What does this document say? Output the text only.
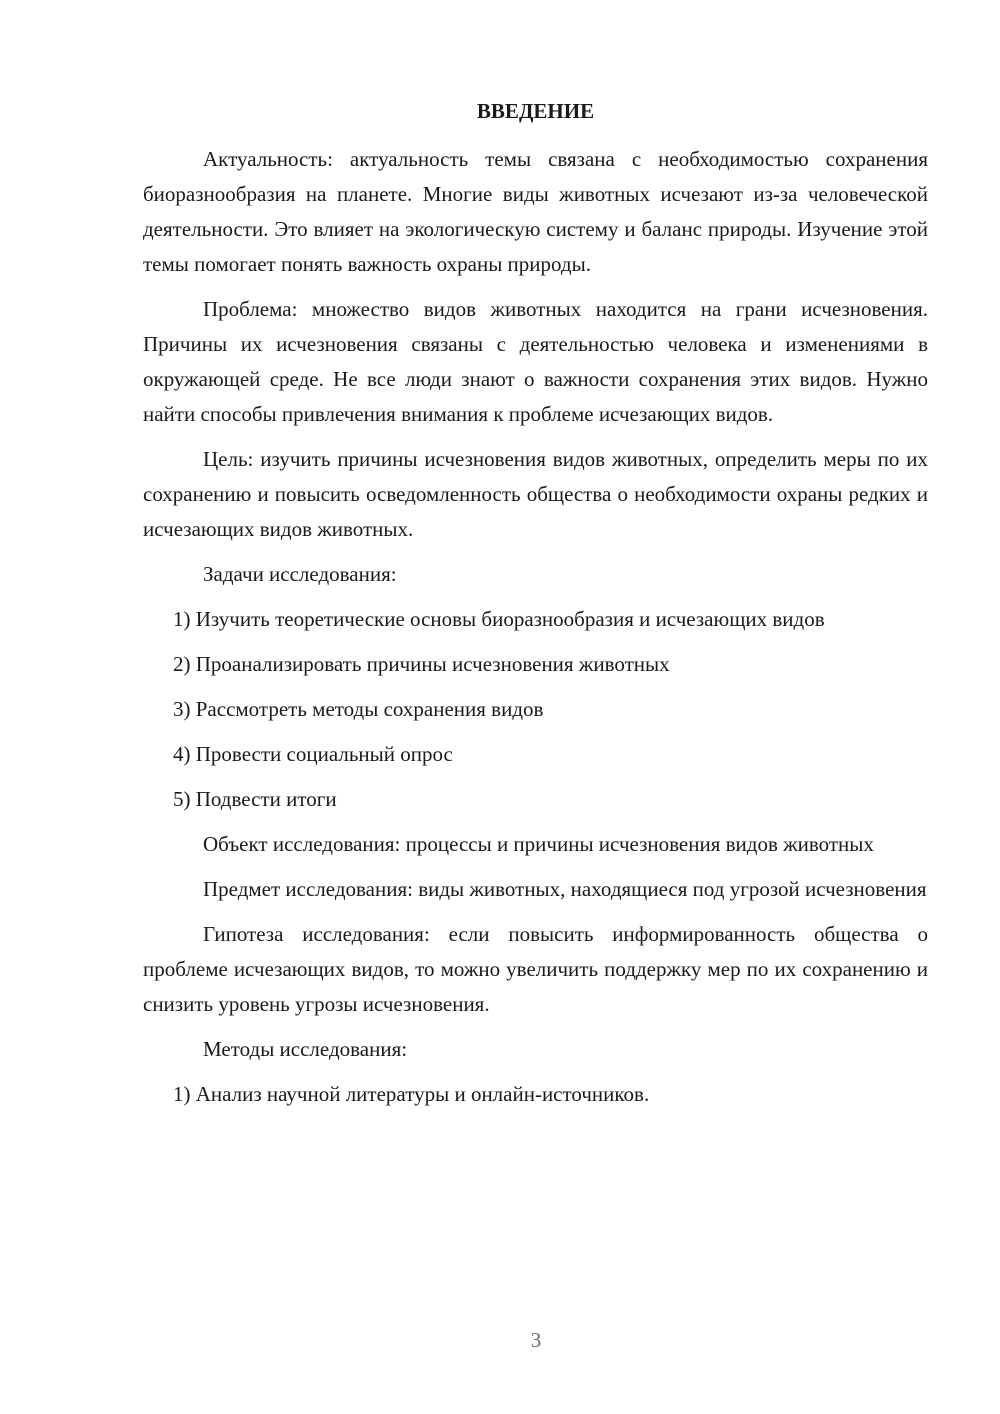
ВВЕДЕНИЕ

Актуальность: актуальность темы связана с необходимостью сохранения биоразнообразия на планете. Многие виды животных исчезают из-за человеческой деятельности. Это влияет на экологическую систему и баланс природы. Изучение этой темы помогает понять важность охраны природы.

Проблема: множество видов животных находится на грани исчезновения. Причины их исчезновения связаны с деятельностью человека и изменениями в окружающей среде. Не все люди знают о важности сохранения этих видов. Нужно найти способы привлечения внимания к проблеме исчезающих видов.

Цель: изучить причины исчезновения видов животных, определить меры по их сохранению и повысить осведомленность общества о необходимости охраны редких и исчезающих видов животных.

Задачи исследования:

1) Изучить теоретические основы биоразнообразия и исчезающих видов

2) Проанализировать причины исчезновения животных

3) Рассмотреть методы сохранения видов

4) Провести социальный опрос

5) Подвести итоги

Объект исследования: процессы и причины исчезновения видов животных

Предмет исследования: виды животных, находящиеся под угрозой исчезновения

Гипотеза исследования: если повысить информированность общества о проблеме исчезающих видов, то можно увеличить поддержку мер по их сохранению и снизить уровень угрозы исчезновения.

Методы исследования:

1) Анализ научной литературы и онлайн-источников.

3
